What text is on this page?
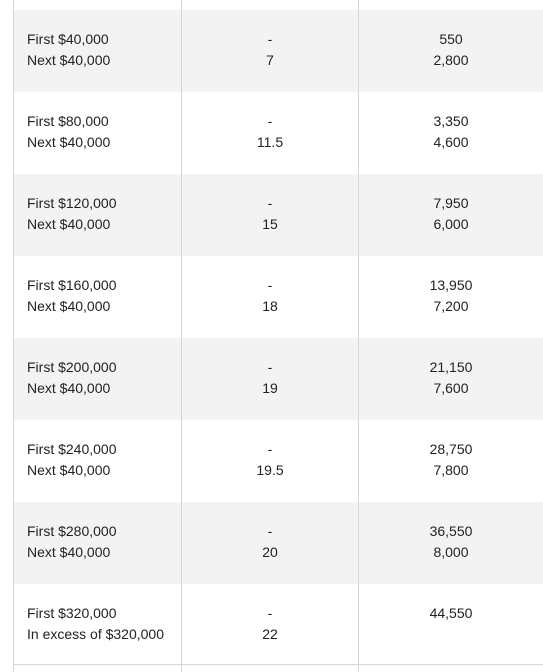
First $40,000
Next $40,000
-
7
550
2,800
First $80,000
Next $40,000
-
11.5
3,350
4,600
First $120,000
Next $40,000
-
15
7,950
6,000
First $160,000
Next $40,000
-
18
13,950
7,200
First $200,000
Next $40,000
-
19
21,150
7,600
First $240,000
Next $40,000
-
19.5
28,750
7,800
First $280,000
Next $40,000
-
20
36,550
8,000
First $320,000
In excess of $320,000
-
22
44,550
